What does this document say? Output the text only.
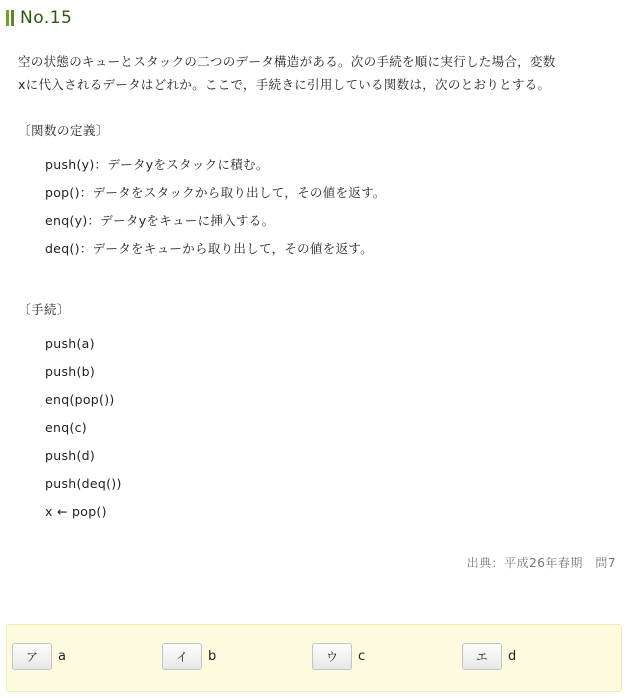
No.15
空の状態のキューとスタックの二つのデータ構造がある。次の手続を順に実行した場合，変数
xに代入されるデータはどれか。ここで，手続きに引用している関数は，次のとおりとする。
〔関数の定義〕
push(y)：データyをスタックに積む。
pop()：データをスタックから取り出して，その値を返す。
enq(y)：データyをキューに挿入する。
deq()：データをキューから取り出して，その値を返す。
〔手続〕
push(a)
push(b)
enq(pop())
enq(c)
push(d)
push(deq())
x ← pop()
出典：平成26年春期　問7
ア	a	イ	b	ウ	c	エ	d
